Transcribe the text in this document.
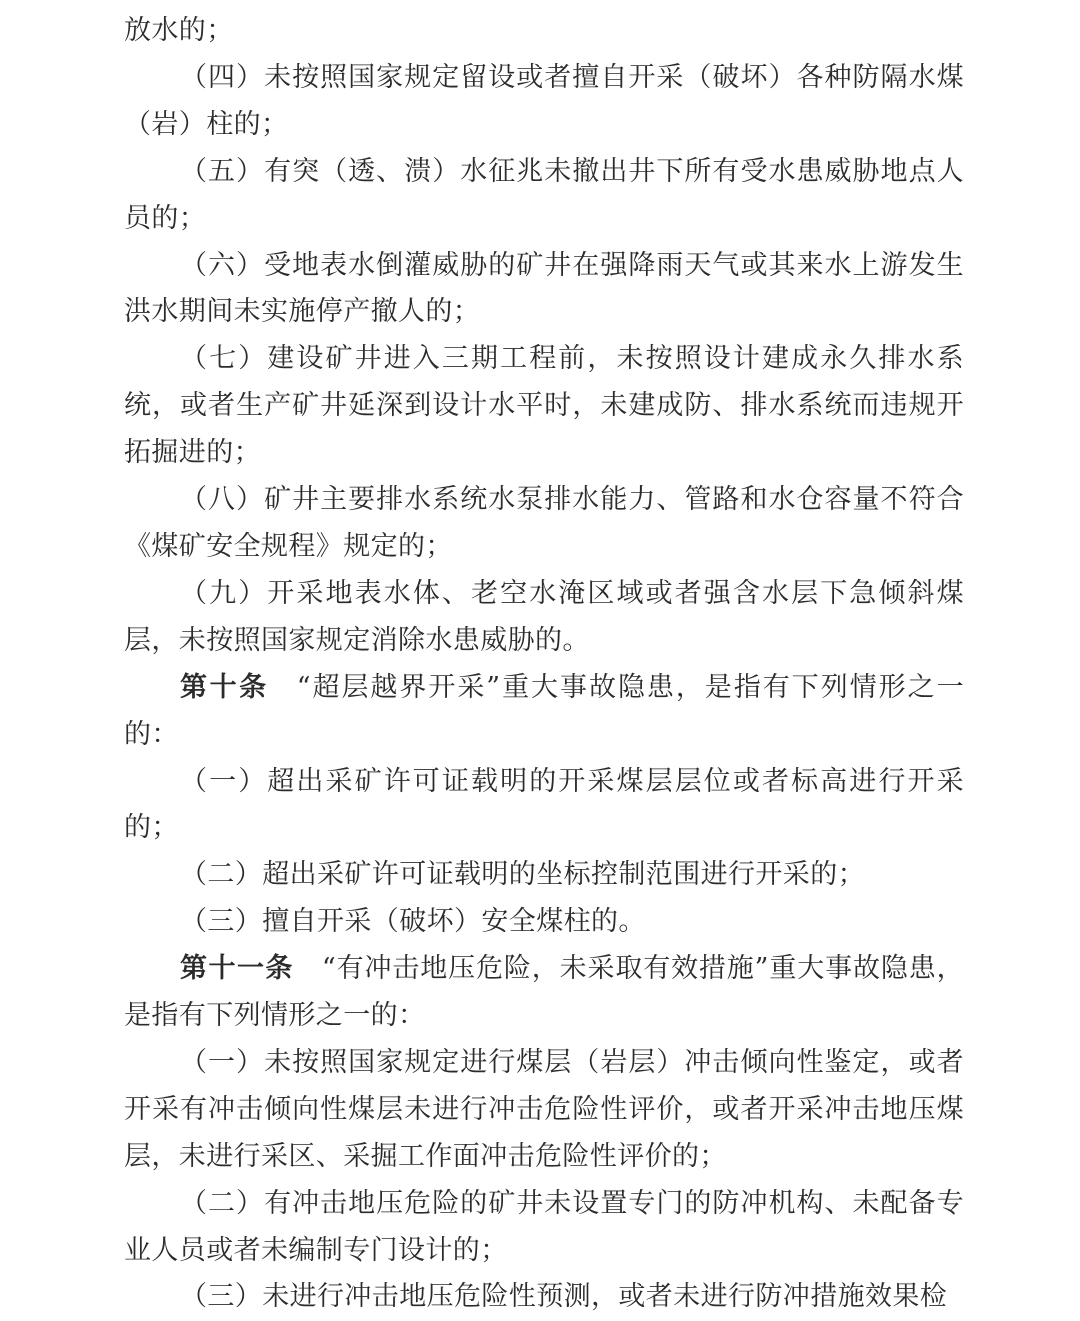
放水的；

（四）未按照国家规定留设或者擅自开采（破坏）各种防隔水煤（岩）柱的；

（五）有突（透、溃）水征兆未撤出井下所有受水患威胁地点人员的；

（六）受地表水倒灌威胁的矿井在强降雨天气或其来水上游发生洪水期间未实施停产撤人的；

（七）建设矿井进入三期工程前，未按照设计建成永久排水系统，或者生产矿井延深到设计水平时，未建成防、排水系统而违规开拓掘进的；

（八）矿井主要排水系统水泵排水能力、管路和水仓容量不符合《煤矿安全规程》规定的；

（九）开采地表水体、老空水淹区域或者强含水层下急倾斜煤层，未按照国家规定消除水患威胁的。

第十条 “超层越界开采”重大事故隐患，是指有下列情形之一的：

（一）超出采矿许可证载明的开采煤层层位或者标高进行开采的；

（二）超出采矿许可证载明的坐标控制范围进行开采的；

（三）擅自开采（破坏）安全煤柱的。

第十一条 “有冲击地压危险，未采取有效措施”重大事故隐患，是指有下列情形之一的：

（一）未按照国家规定进行煤层（岩层）冲击倾向性鉴定，或者开采有冲击倾向性煤层未进行冲击危险性评价，或者开采冲击地压煤层，未进行采区、采掘工作面冲击危险性评价的；

（二）有冲击地压危险的矿井未设置专门的防冲机构、未配备专业人员或者未编制专门设计的；

（三）未进行冲击地压危险性预测，或者未进行防冲措施效果检
